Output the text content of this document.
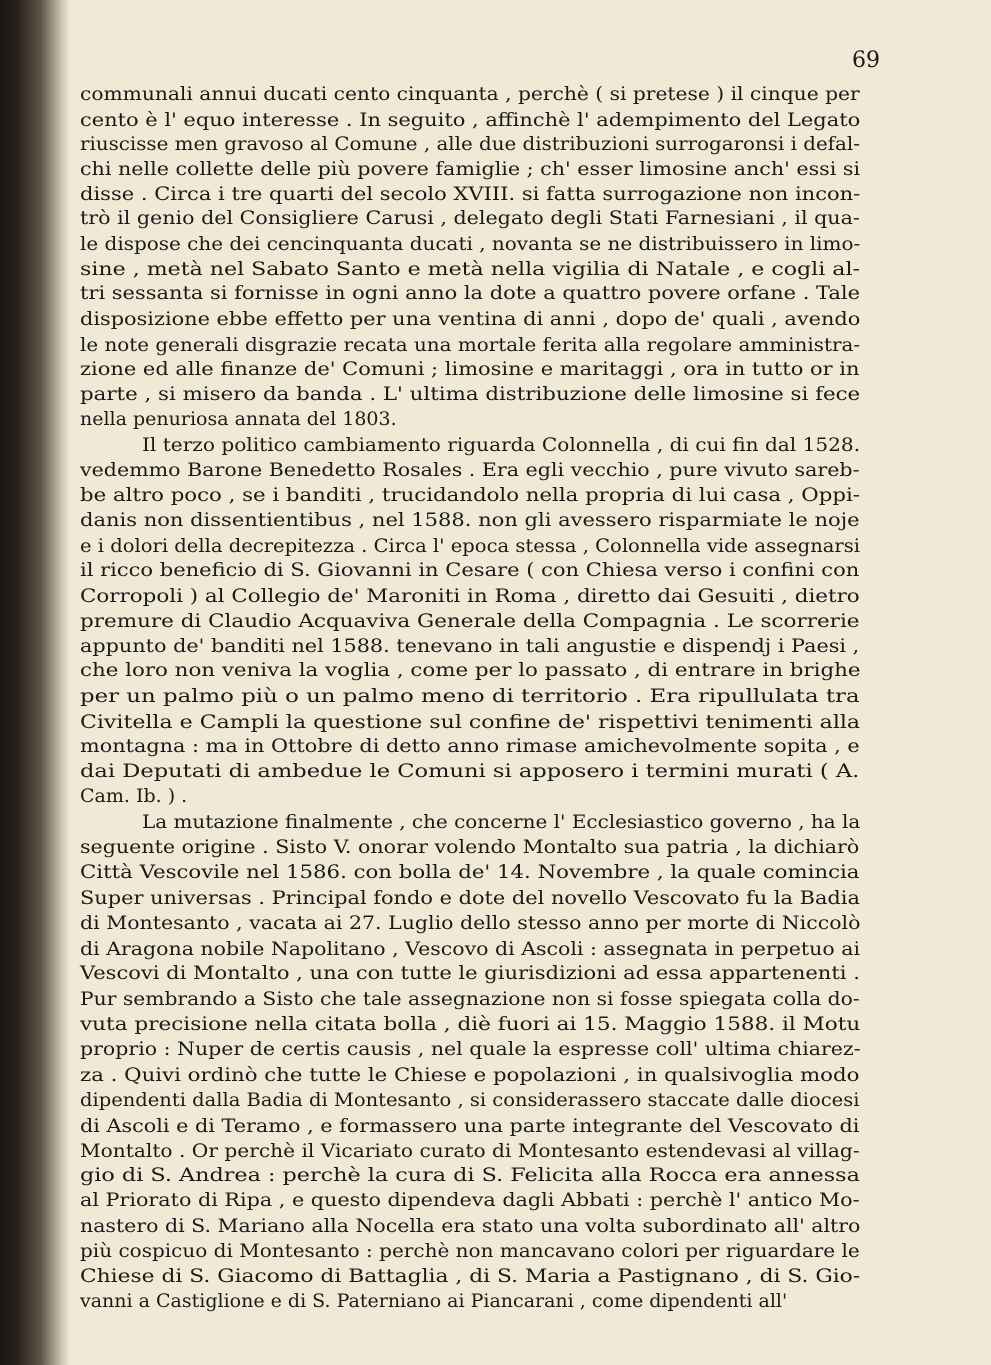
69
communali annui ducati cento cinquanta , perchè ( si pretese ) il cinque per
cento è l' equo interesse . In seguito , affinchè l' adempimento del Legato
riuscisse men gravoso al Comune , alle due distribuzioni surrogaronsi i defal-
chi nelle collette delle più povere famiglie ; ch' esser limosine anch' essi si
disse . Circa i tre quarti del secolo XVIII. si fatta surrogazione non incon-
trò il genio del Consigliere Carusi , delegato degli Stati Farnesiani , il qua-
le dispose che dei cencinquanta ducati , novanta se ne distribuissero in limo-
sine , metà nel Sabato Santo e metà nella vigilia di Natale , e cogli al-
tri sessanta si fornisse in ogni anno la dote a quattro povere orfane . Tale
disposizione ebbe effetto per una ventina di anni , dopo de' quali , avendo
le note generali disgrazie recata una mortale ferita alla regolare amministra-
zione ed alle finanze de' Comuni ; limosine e maritaggi , ora in tutto or in
parte , si misero da banda . L' ultima distribuzione delle limosine si fece
nella penuriosa annata del 1803.
Il terzo politico cambiamento riguarda Colonnella , di cui fin dal 1528.
vedemmo Barone Benedetto Rosales . Era egli vecchio , pure vivuto sareb-
be altro poco , se i banditi , trucidandolo nella propria di lui casa , Oppi-
danis non dissentientibus , nel 1588. non gli avessero risparmiate le noje
e i dolori della decrepitezza . Circa l' epoca stessa , Colonnella vide assegnarsi
il ricco beneficio di S. Giovanni in Cesare ( con Chiesa verso i confini con
Corropoli ) al Collegio de' Maroniti in Roma , diretto dai Gesuiti , dietro
premure di Claudio Acquaviva Generale della Compagnia . Le scorrerie
appunto de' banditi nel 1588. tenevano in tali angustie e dispendj i Paesi ,
che loro non veniva la voglia , come per lo passato , di entrare in brighe
per un palmo più o un palmo meno di territorio . Era ripullulata tra
Civitella e Campli la questione sul confine de' rispettivi tenimenti alla
montagna : ma in Ottobre di detto anno rimase amichevolmente sopita , e
dai Deputati di ambedue le Comuni si apposero i termini murati ( A.
Cam. Ib. ) .
La mutazione finalmente , che concerne l' Ecclesiastico governo , ha la
seguente origine . Sisto V. onorar volendo Montalto sua patria , la dichiarò
Città Vescovile nel 1586. con bolla de' 14. Novembre , la quale comincia
Super universas . Principal fondo e dote del novello Vescovato fu la Badia
di Montesanto , vacata ai 27. Luglio dello stesso anno per morte di Niccolò
di Aragona nobile Napolitano , Vescovo di Ascoli : assegnata in perpetuo ai
Vescovi di Montalto , una con tutte le giurisdizioni ad essa appartenenti .
Pur sembrando a Sisto che tale assegnazione non si fosse spiegata colla do-
vuta precisione nella citata bolla , diè fuori ai 15. Maggio 1588. il Motu
proprio : Nuper de certis causis , nel quale la espresse coll' ultima chiarez-
za . Quivi ordinò che tutte le Chiese e popolazioni , in qualsivoglia modo
dipendenti dalla Badia di Montesanto , si considerassero staccate dalle diocesi
di Ascoli e di Teramo , e formassero una parte integrante del Vescovato di
Montalto . Or perchè il Vicariato curato di Montesanto estendevasi al villag-
gio di S. Andrea : perchè la cura di S. Felicita alla Rocca era annessa
al Priorato di Ripa , e questo dipendeva dagli Abbati : perchè l' antico Mo-
nastero di S. Mariano alla Nocella era stato una volta subordinato all' altro
più cospicuo di Montesanto : perchè non mancavano colori per riguardare le
Chiese di S. Giacomo di Battaglia , di S. Maria a Pastignano , di S. Gio-
vanni a Castiglione e di S. Paterniano ai Piancarani , come dipendenti all'
